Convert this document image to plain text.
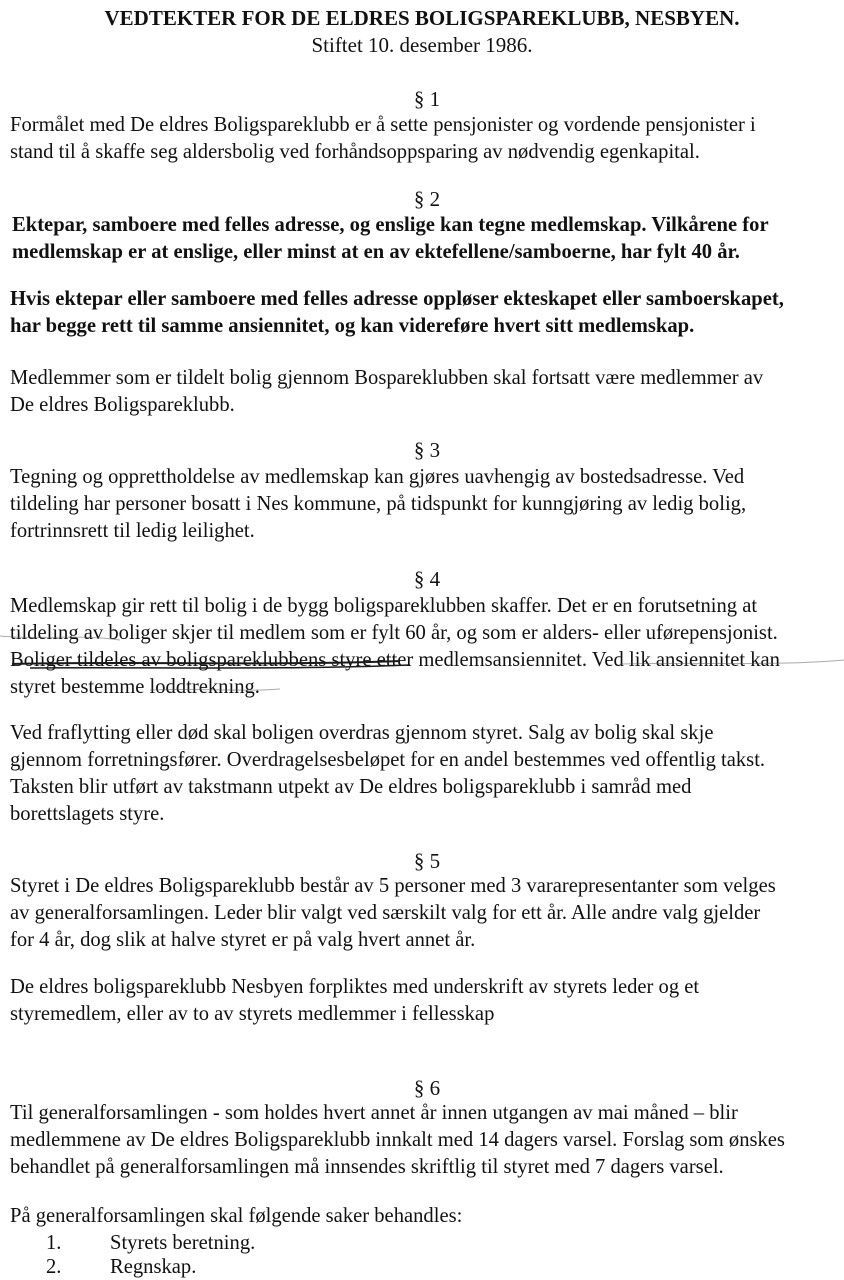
VEDTEKTER FOR DE ELDRES BOLIGSPAREKLUBB, NESBYEN.
Stiftet 10. desember 1986.
§ 1
Formålet med De eldres Boligspareklubb er å sette pensjonister og vordende pensjonister i
stand til å skaffe seg aldersbolig ved forhåndsoppsparing av nødvendig egenkapital.
§ 2
Ektepar, samboere med felles adresse, og enslige kan tegne medlemskap. Vilkårene for
medlemskap er at enslige, eller minst at en av ektefellene/samboerne, har fylt 40 år.
Hvis ektepar eller samboere med felles adresse oppløser ekteskapet eller samboerskapet,
har begge rett til samme ansiennitet, og kan videreføre hvert sitt medlemskap.
Medlemmer som er tildelt bolig gjennom Bospareklubben skal fortsatt være medlemmer av
De eldres Boligspareklubb.
§ 3
Tegning og opprettholdelse av medlemskap kan gjøres uavhengig av bostedsadresse. Ved
tildeling har personer bosatt i Nes kommune, på tidspunkt for kunngjøring av ledig bolig,
fortrinnsrett til ledig leilighet.
§ 4
Medlemskap gir rett til bolig i de bygg boligspareklubben skaffer. Det er en forutsetning at
tildeling av boliger skjer til medlem som er fylt 60 år, og som er alders- eller uførepensjonist.
Boliger tildeles av boligspareklubbens styre etter medlemsansiennitet. Ved lik ansiennitet kan
styret bestemme loddtrekning.
Ved fraflytting eller død skal boligen overdras gjennom styret. Salg av bolig skal skje
gjennom forretningsfører. Overdragelsesbeløpet for en andel bestemmes ved offentlig takst.
Taksten blir utført av takstmann utpekt av De eldres boligspareklubb i samråd med
borettslagets styre.
§ 5
Styret i De eldres Boligspareklubb består av 5 personer med 3 vararepresentanter som velges
av generalforsamlingen. Leder blir valgt ved særskilt valg for ett år. Alle andre valg gjelder
for 4 år, dog slik at halve styret er på valg hvert annet år.
De eldres boligspareklubb Nesbyen forpliktes med underskrift av styrets leder og et
styremedlem, eller av to av styrets medlemmer i fellesskap
§ 6
Til generalforsamlingen - som holdes hvert annet år innen utgangen av mai måned – blir
medlemmene av De eldres Boligspareklubb innkalt med 14 dagers varsel. Forslag som ønskes
behandlet på generalforsamlingen må innsendes skriftlig til styret med 7 dagers varsel.
På generalforsamlingen skal følgende saker behandles:
1. Styrets beretning.
2. Regnskap.
